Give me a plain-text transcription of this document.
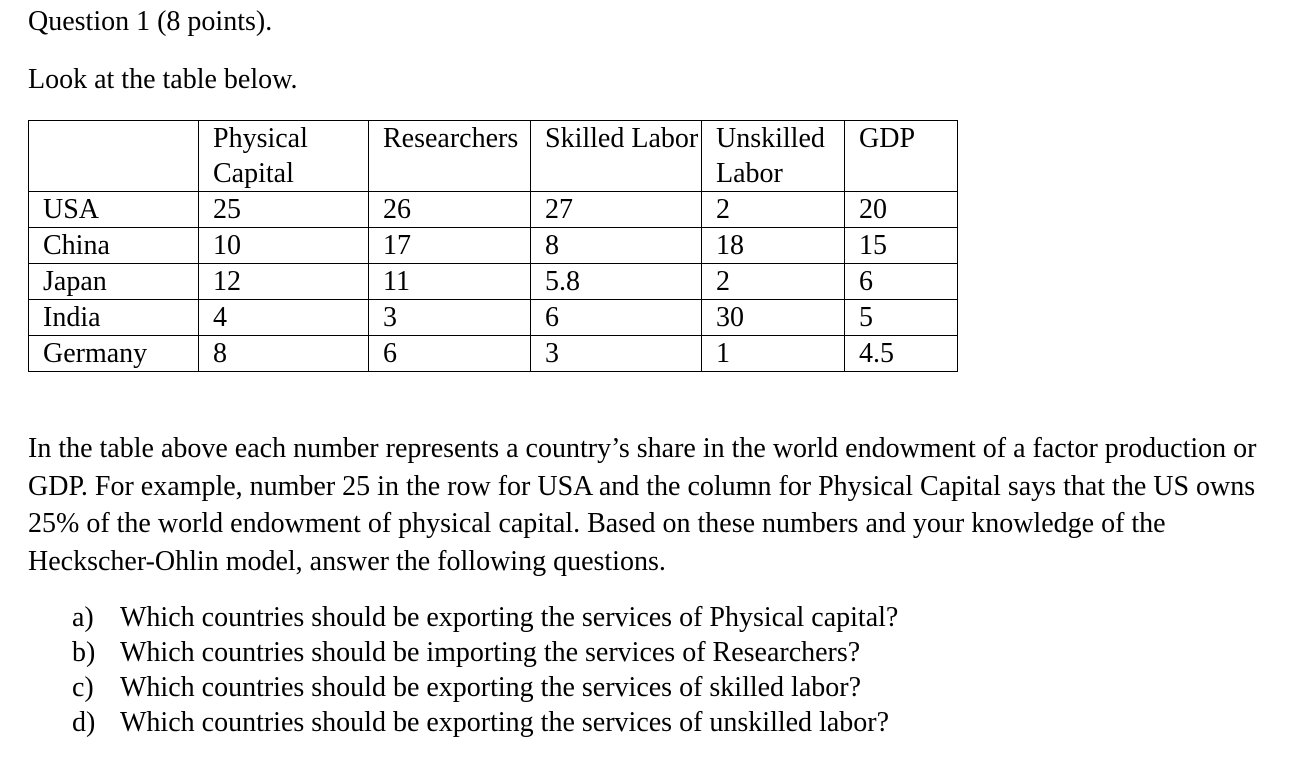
Question 1 (8 points).

Look at the table below.

	Physical Capital	Researchers	Skilled Labor	Unskilled Labor	GDP
USA	25	26	27	2	20
China	10	17	8	18	15
Japan	12	11	5.8	2	6
India	4	3	6	30	5
Germany	8	6	3	1	4.5

In the table above each number represents a country’s share in the world endowment of a factor production or GDP. For example, number 25 in the row for USA and the column for Physical Capital says that the US owns 25% of the world endowment of physical capital. Based on these numbers and your knowledge of the Heckscher-Ohlin model, answer the following questions.

a) Which countries should be exporting the services of Physical capital?
b) Which countries should be importing the services of Researchers?
c) Which countries should be exporting the services of skilled labor?
d) Which countries should be exporting the services of unskilled labor?
